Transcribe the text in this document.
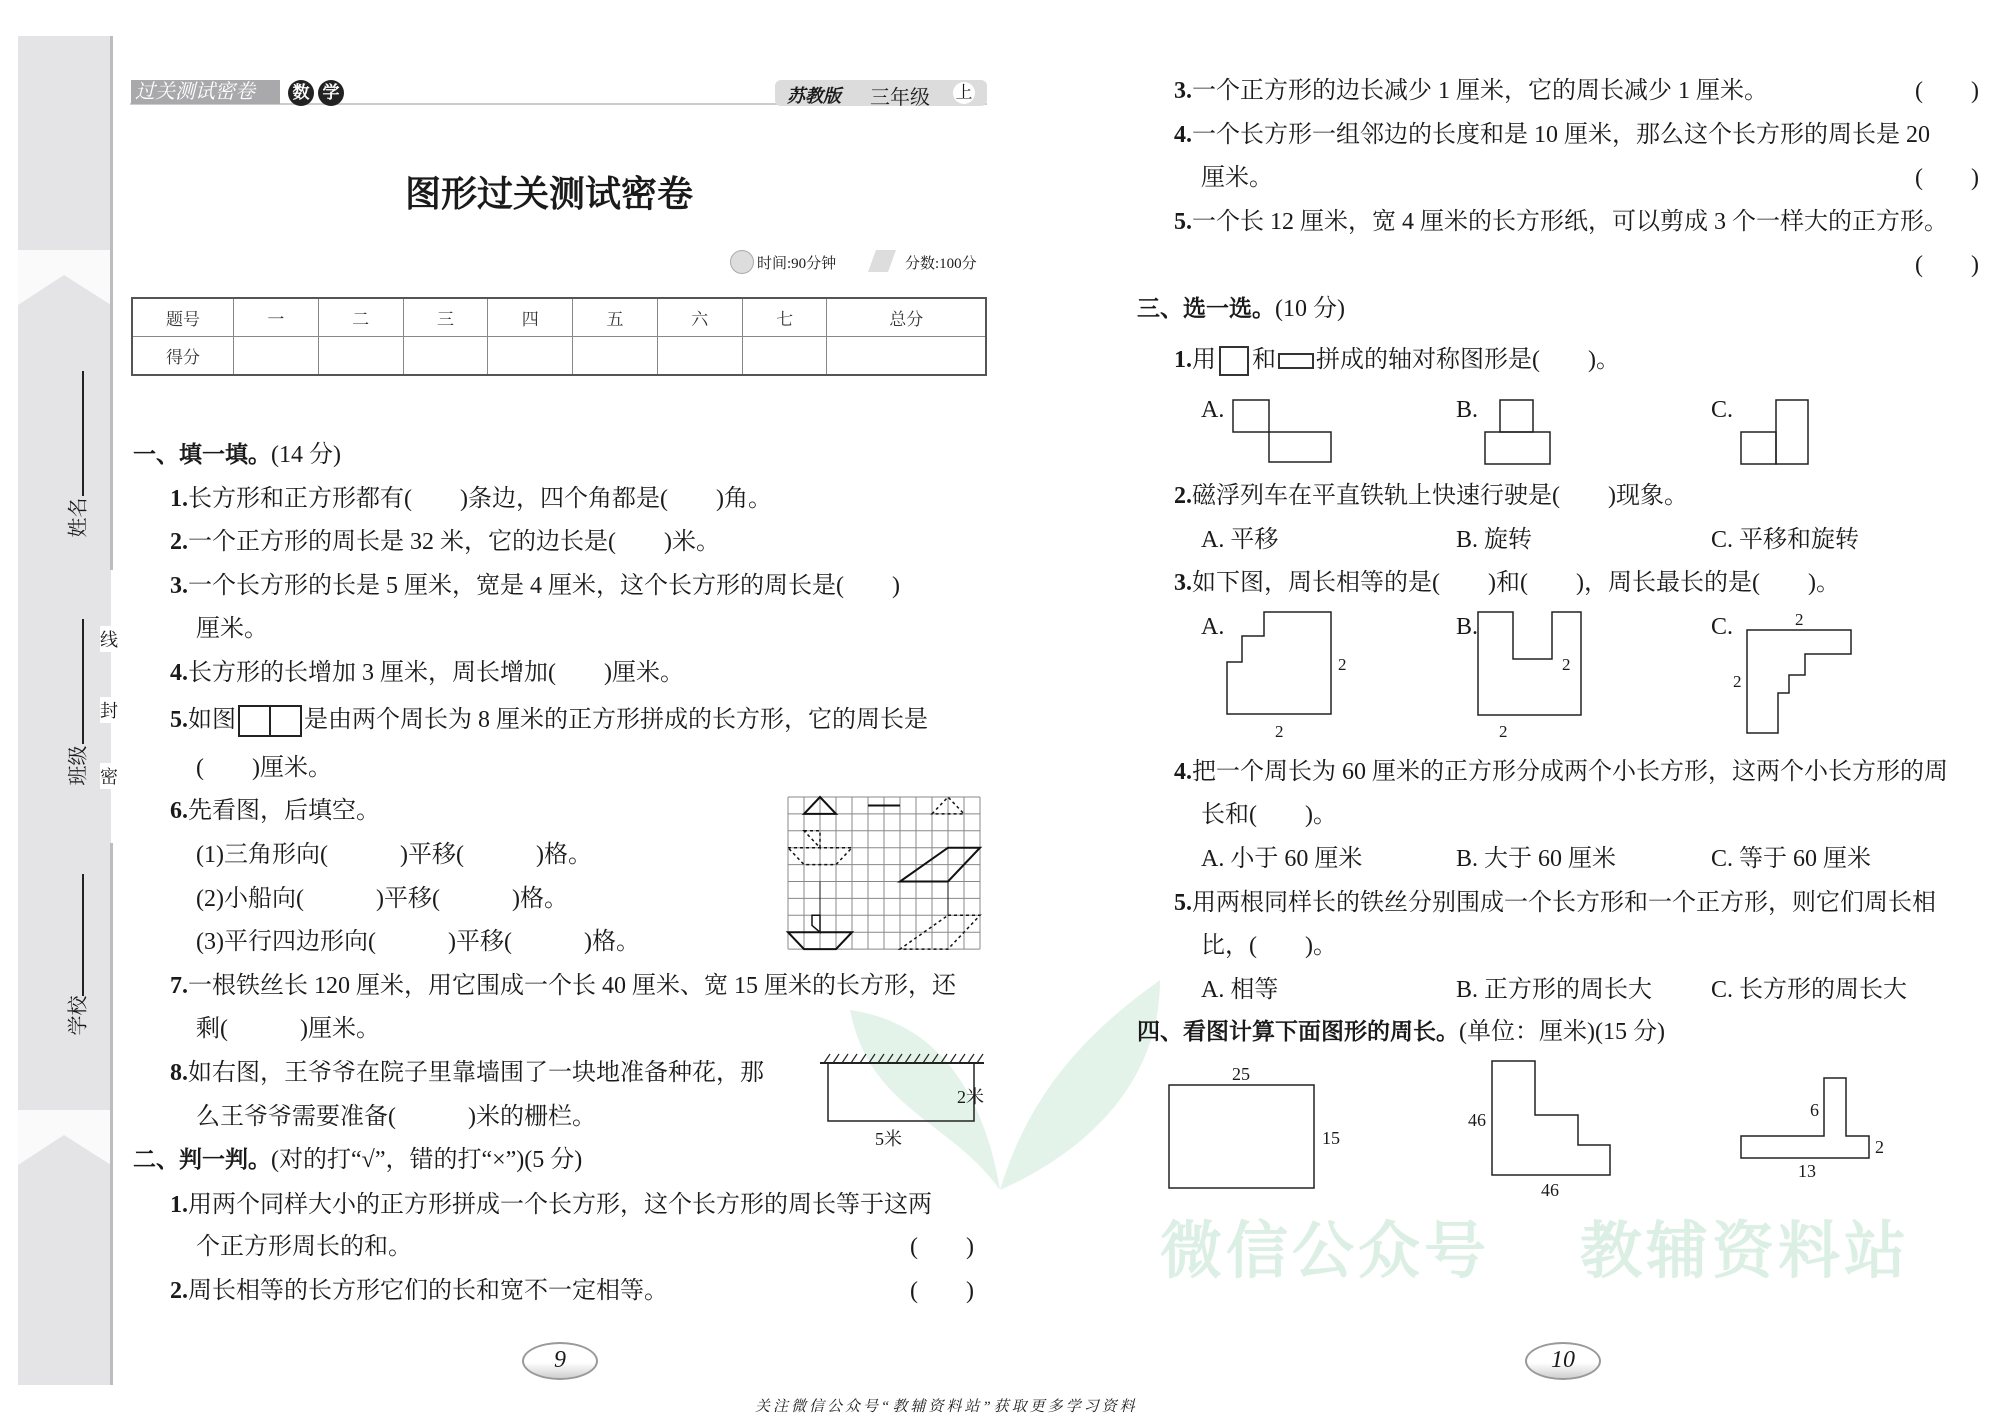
微信公众号 教辅资料站
姓名
班级
学校
线
封
密
过关测试密卷	数 学	苏教版 三年级 上
图形过关测试密卷
时间:90分钟	分数:100分
题号	一	二	三	四	五	六	七	总分
得分								
一、填一填。(14 分)
1.长方形和正方形都有(　　)条边，四个角都是(　　)角。
2.一个正方形的周长是 32 米，它的边长是(　　)米。
3.一个长方形的长是 5 厘米，宽是 4 厘米，这个长方形的周长是(　　)
厘米。
4.长方形的长增加 3 厘米，周长增加(　　)厘米。
5.如图	是由两个周长为 8 厘米的正方形拼成的长方形，它的周长是
(　　)厘米。
6.先看图，后填空。
(1)三角形向(　　　)平移(　　　)格。
(2)小船向(　　　)平移(　　　)格。
(3)平行四边形向(　　　)平移(　　　)格。
7.一根铁丝长 120 厘米，用它围成一个长 40 厘米、宽 15 厘米的长方形，还
剩(　　　)厘米。
8.如右图，王爷爷在院子里靠墙围了一块地准备种花，那
么王爷爷需要准备(　　　)米的栅栏。
2米
5米
二、判一判。(对的打“√”，错的打“×”)(5 分)
1.用两个同样大小的正方形拼成一个长方形，这个长方形的周长等于这两
个正方形周长的和。	(　　)
2.周长相等的长方形它们的长和宽不一定相等。	(　　)
9
3.一个正方形的边长减少 1 厘米，它的周长减少 1 厘米。	(　　)
4.一个长方形一组邻边的长度和是 10 厘米，那么这个长方形的周长是 20
厘米。	(　　)
5.一个长 12 厘米，宽 4 厘米的长方形纸，可以剪成 3 个一样大的正方形。
(　　)
三、选一选。(10 分)
1.用 和 拼成的轴对称图形是(　　)。
A.	B.	C.
2.磁浮列车在平直铁轨上快速行驶是(　　)现象。
A. 平移	B. 旋转	C. 平移和旋转
3.如下图，周长相等的是(　　)和(　　)，周长最长的是(　　)。
A.	B.	C.
2
2
2
2
2
2
4.把一个周长为 60 厘米的正方形分成两个小长方形，这两个小长方形的周
长和(　　)。
A. 小于 60 厘米	B. 大于 60 厘米	C. 等于 60 厘米
5.用两根同样长的铁丝分别围成一个长方形和一个正方形，则它们周长相
比，(　　)。
A. 相等	B. 正方形的周长大 C. 长方形的周长大
四、看图计算下面图形的周长。(单位：厘米)(15 分)
25
15
46
46
6
2
13
10
关注微信公众号“教辅资料站”获取更多学习资料
